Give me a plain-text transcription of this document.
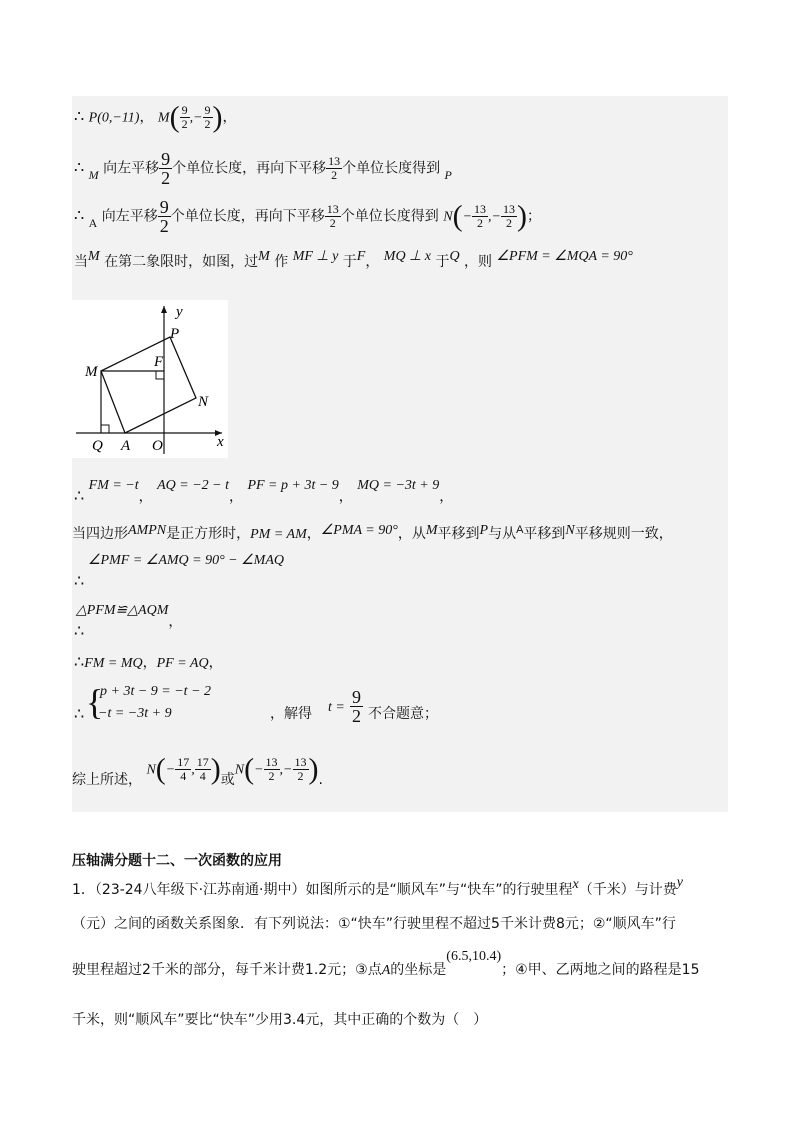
∴ P(0,−11)， $M( \frac{9}{2}$ ,− $\frac{9}{2}$ )，
∴ M 向左平移 $\frac{9}{2}$ 个单位长度，再向下平移 $\frac{13}{2}$ 个单位长度得到 P
∴ A 向左平移 $\frac{9}{2}$ 个单位长度，再向下平移 $\frac{13}{2}$ 个单位长度得到 $N(- \frac{13}{2}$ ,− $\frac{13}{2}$ )；
当M 在第二象限时，如图，过M 作 MF ⊥ y 于F， MQ ⊥ x 于Q ，则 ∠PFM = ∠MQA = 90°
y
x
P
F
M
N
Q A O
∴ FM = −t， AQ = −2 − t， PF = p + 3t − 9， MQ = −3t + 9，
当四边形AMPN是正方形时，PM = AM，∠PMA = 90°，从M平移到P与从$^A$平移到N平移规则一致，
∠PMF = ∠AMQ = 90° − ∠MAQ
∴
△PFM≌△AQM，
∴
∴FM = MQ，PF = AQ，
∴ {
p + 3t − 9 = −t − 2
−t = −3t + 9	，解得 $t = \frac{9}{2}$ 不合题意；
综上所述， $N(- \frac{17}{4}$ , $\frac{17}{4}$ )或$N(- \frac{13}{2}$ ,− $\frac{13}{2}$ ).
压轴满分题十二、一次函数的应用
1．（23-24八年级下·江苏南通·期中）如图所示的是“顺风车”与“快车”的行驶里程x（千米）与计费y
（元）之间的函数关系图象．有下列说法：①“快车”行驶里程不超过5千米计费8元；②“顺风车”行
驶里程超过2千米的部分，每千米计费1.2元；③点A的坐标是(6.5,10.4)；④甲、乙两地之间的路程是15
千米，则“顺风车”要比“快车”少用3.4元，其中正确的个数为（　）
